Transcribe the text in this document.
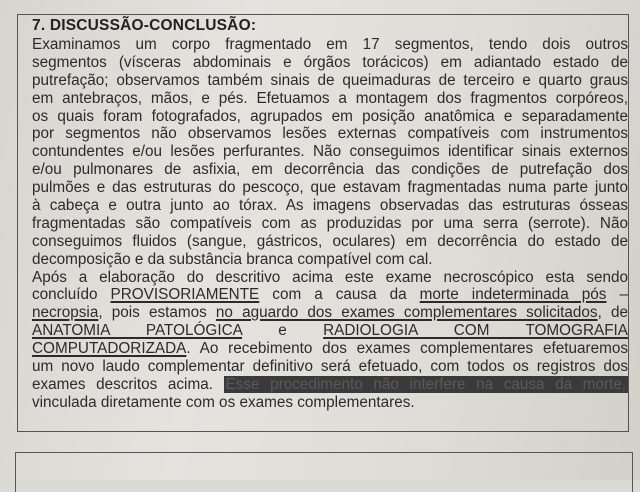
7. DISCUSSÃO-CONCLUSÃO:
Examinamos um corpo fragmentado em 17 segmentos, tendo dois outros
segmentos (vísceras abdominais e órgãos torácicos) em adiantado estado de
putrefação; observamos também sinais de queimaduras de terceiro e quarto graus
em antebraços, mãos, e pés. Efetuamos a montagem dos fragmentos corpóreos,
os quais foram fotografados, agrupados em posição anatômica e separadamente
por segmentos não observamos lesões externas compatíveis com instrumentos
contundentes e/ou lesões perfurantes. Não conseguimos identificar sinais externos
e/ou pulmonares de asfixia, em decorrência das condições de putrefação dos
pulmões e das estruturas do pescoço, que estavam fragmentadas numa parte junto
à cabeça e outra junto ao tórax. As imagens observadas das estruturas ósseas
fragmentadas são compatíveis com as produzidas por uma serra (serrote). Não
conseguimos fluidos (sangue, gástricos, oculares) em decorrência do estado de
decomposição e da substância branca compatível com cal.
Após a elaboração do descritivo acima este exame necroscópico esta sendo
concluído PROVISORIAMENTE com a causa da morte indeterminada pós –
necropsia, pois estamos no aguardo dos exames complementares solicitados, de
ANATOMIA PATOLÓGICA e RADIOLOGIA COM TOMOGRAFIA
COMPUTADORIZADA. Ao recebimento dos exames complementares efetuaremos
um novo laudo complementar definitivo será efetuado, com todos os registros dos
exames descritos acima. Esse procedimento não interfere na causa da morte,
vinculada diretamente com os exames complementares.
